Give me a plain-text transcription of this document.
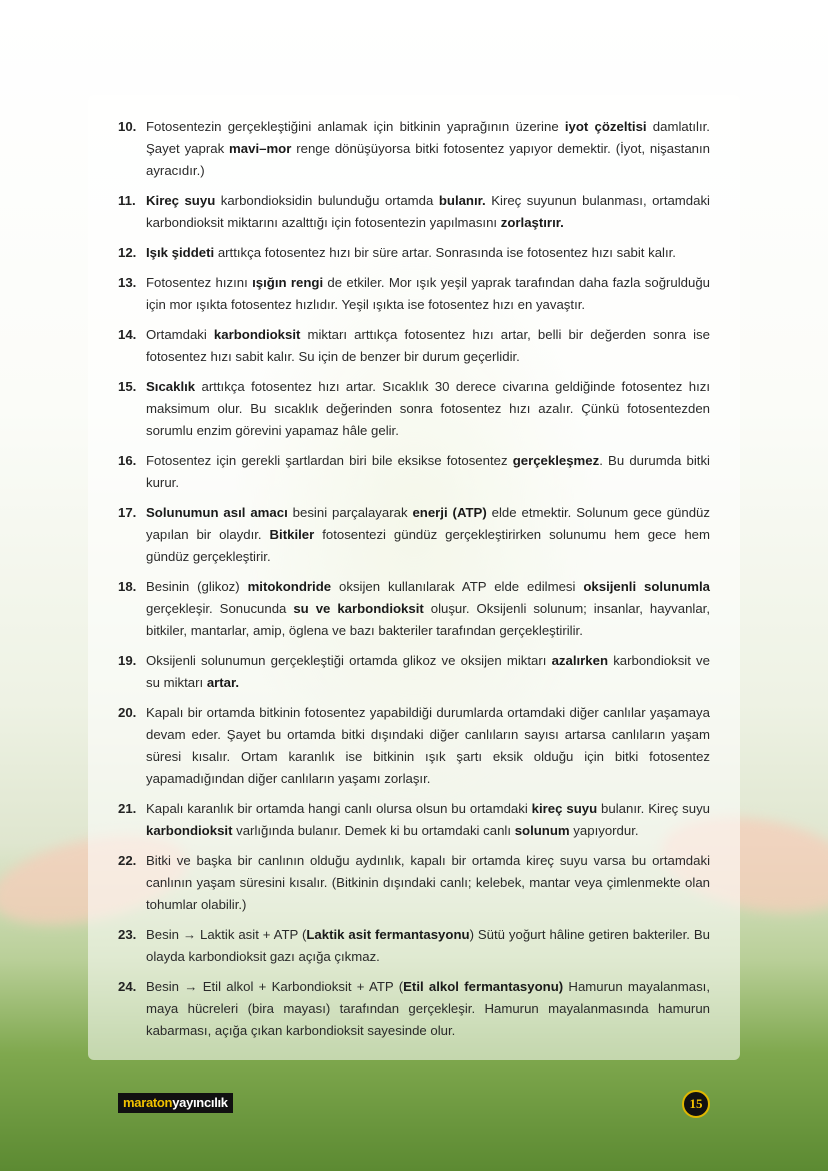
10. Fotosentezin gerçekleştiğini anlamak için bitkinin yaprağının üzerine iyot çözeltisi damlatılır. Şayet yaprak mavi–mor renge dönüşüyorsa bitki fotosentez yapıyor demektir. (İyot, nişastanın ayracıdır.)
11. Kireç suyu karbondioksidin bulunduğu ortamda bulanır. Kireç suyunun bulanması, ortamdaki karbondioksit miktarını azalttığı için fotosentezin yapılmasını zorlaştırır.
12. Işık şiddeti arttıkça fotosentez hızı bir süre artar. Sonrasında ise fotosentez hızı sabit kalır.
13. Fotosentez hızını ışığın rengi de etkiler. Mor ışık yeşil yaprak tarafından daha fazla soğrulduğu için mor ışıkta fotosentez hızlıdır. Yeşil ışıkta ise fotosentez hızı en yavaştır.
14. Ortamdaki karbondioksit miktarı arttıkça fotosentez hızı artar, belli bir değerden sonra ise fotosentez hızı sabit kalır. Su için de benzer bir durum geçerlidir.
15. Sıcaklık arttıkça fotosentez hızı artar. Sıcaklık 30 derece civarına geldiğinde fotosentez hızı maksimum olur. Bu sıcaklık değerinden sonra fotosentez hızı azalır. Çünkü fotosentezden sorumlu enzim görevini yapamaz hâle gelir.
16. Fotosentez için gerekli şartlardan biri bile eksikse fotosentez gerçekleşmez. Bu durumda bitki kurur.
17. Solunumun asıl amacı besini parçalayarak enerji (ATP) elde etmektir. Solunum gece gündüz yapılan bir olaydır. Bitkiler fotosentezi gündüz gerçekleştirirken solunumu hem gece hem gündüz gerçekleştirir.
18. Besinin (glikoz) mitokondride oksijen kullanılarak ATP elde edilmesi oksijenli solunumla gerçekleşir. Sonucunda su ve karbondioksit oluşur. Oksijenli solunum; insanlar, hayvanlar, bitkiler, mantarlar, amip, öglena ve bazı bakteriler tarafından gerçekleştirilir.
19. Oksijenli solunumun gerçekleştiği ortamda glikoz ve oksijen miktarı azalırken karbondioksit ve su miktarı artar.
20. Kapalı bir ortamda bitkinin fotosentez yapabildiği durumlarda ortamdaki diğer canlılar yaşamaya devam eder. Şayet bu ortamda bitki dışındaki diğer canlıların sayısı artarsa canlıların yaşam süresi kısalır. Ortam karanlık ise bitkinin ışık şartı eksik olduğu için bitki fotosentez yapamadığından diğer canlıların yaşamı zorlaşır.
21. Kapalı karanlık bir ortamda hangi canlı olursa olsun bu ortamdaki kireç suyu bulanır. Kireç suyu karbondioksit varlığında bulanır. Demek ki bu ortamdaki canlı solunum yapıyordur.
22. Bitki ve başka bir canlının olduğu aydınlık, kapalı bir ortamda kireç suyu varsa bu ortamdaki canlının yaşam süresini kısalır. (Bitkinin dışındaki canlı; kelebek, mantar veya çimlenmekte olan tohumlar olabilir.)
23. Besin → Laktik asit + ATP (Laktik asit fermantasyonu) Sütü yoğurt hâline getiren bakteriler. Bu olayda karbondioksit gazı açığa çıkmaz.
24. Besin → Etil alkol + Karbondioksit + ATP (Etil alkol fermantasyonu) Hamurun mayalanması, maya hücreleri (bira mayası) tarafından gerçekleşir. Hamurun mayalanmasında hamurun kabarması, açığa çıkan karbondioksit sayesinde olur.
maratonyayıncılık	15
